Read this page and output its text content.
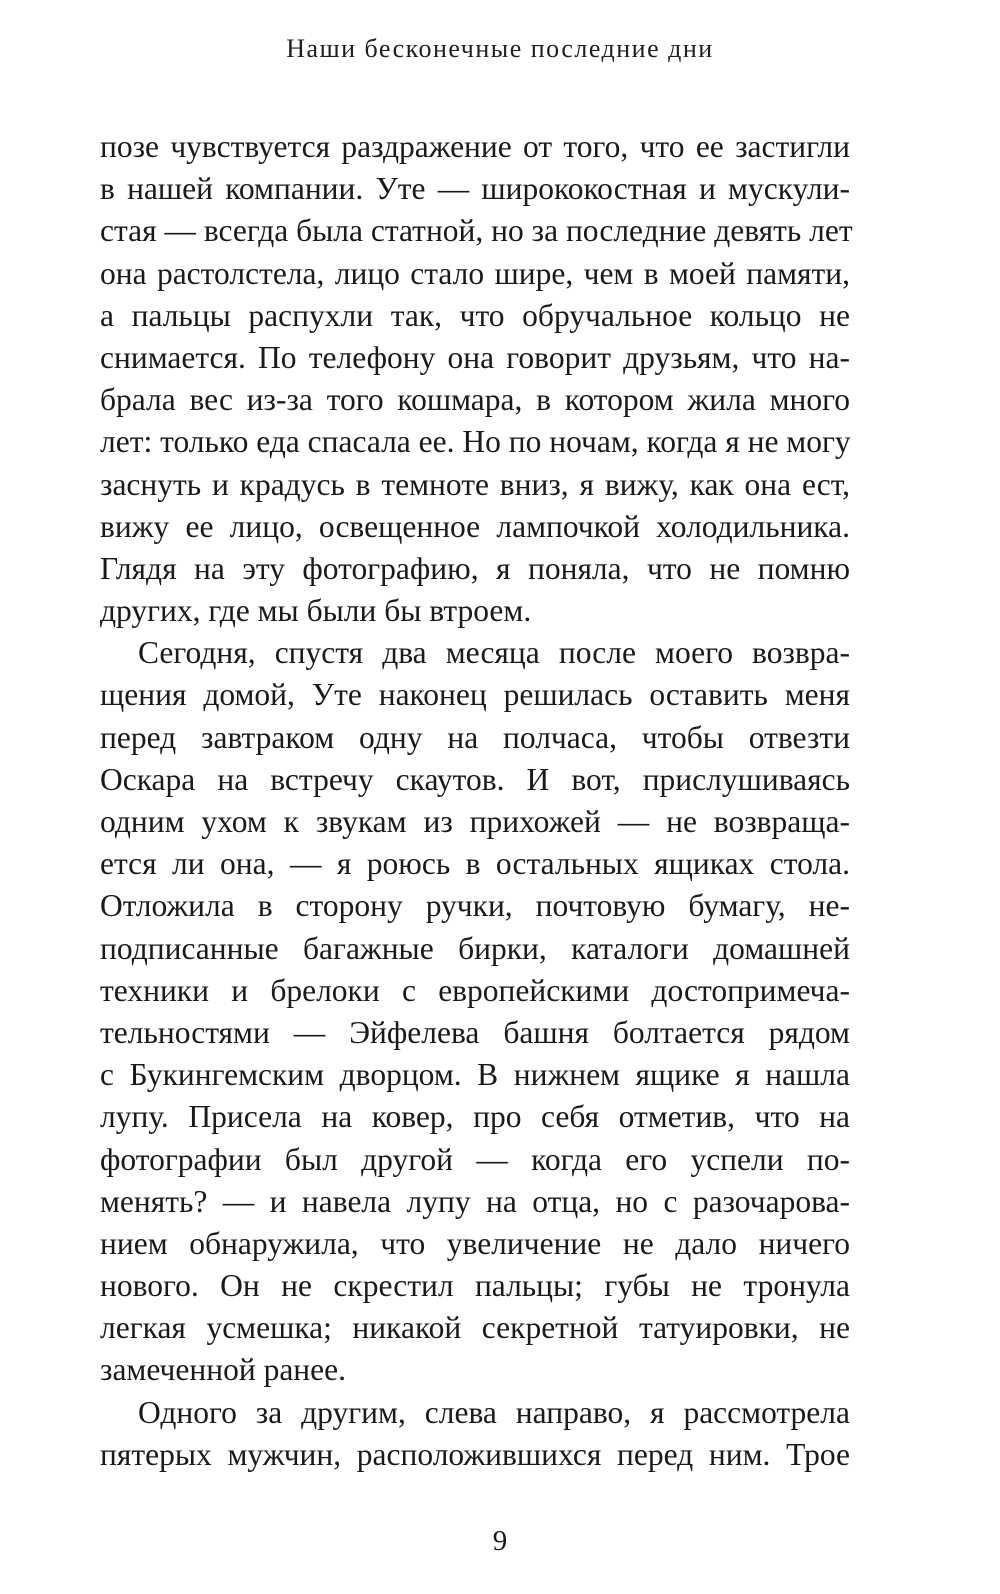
Наши бесконечные последние дни
позе чувствуется раздражение от того, что ее застигли
в нашей компании. Уте — ширококостная и мускули-
стая — всегда была статной, но за последние девять лет
она растолстела, лицо стало шире, чем в моей памяти,
а пальцы распухли так, что обручальное кольцо не
снимается. По телефону она говорит друзьям, что на-
брала вес из-за того кошмара, в котором жила много
лет: только еда спасала ее. Но по ночам, когда я не могу
заснуть и крадусь в темноте вниз, я вижу, как она ест,
вижу ее лицо, освещенное лампочкой холодильника.
Глядя на эту фотографию, я поняла, что не помню
других, где мы были бы втроем.
Сегодня, спустя два месяца после моего возвра-
щения домой, Уте наконец решилась оставить меня
перед завтраком одну на полчаса, чтобы отвезти
Оскара на встречу скаутов. И вот, прислушиваясь
одним ухом к звукам из прихожей — не возвраща-
ется ли она, — я роюсь в остальных ящиках стола.
Отложила в сторону ручки, почтовую бумагу, не-
подписанные багажные бирки, каталоги домашней
техники и брелоки с европейскими достопримеча-
тельностями — Эйфелева башня болтается рядом
с Букингемским дворцом. В нижнем ящике я нашла
лупу. Присела на ковер, про себя отметив, что на
фотографии был другой — когда его успели по-
менять? — и навела лупу на отца, но с разочарова-
нием обнаружила, что увеличение не дало ничего
нового. Он не скрестил пальцы; губы не тронула
легкая усмешка; никакой секретной татуировки, не
замеченной ранее.
Одного за другим, слева направо, я рассмотрела
пятерых мужчин, расположившихся перед ним. Трое
9
